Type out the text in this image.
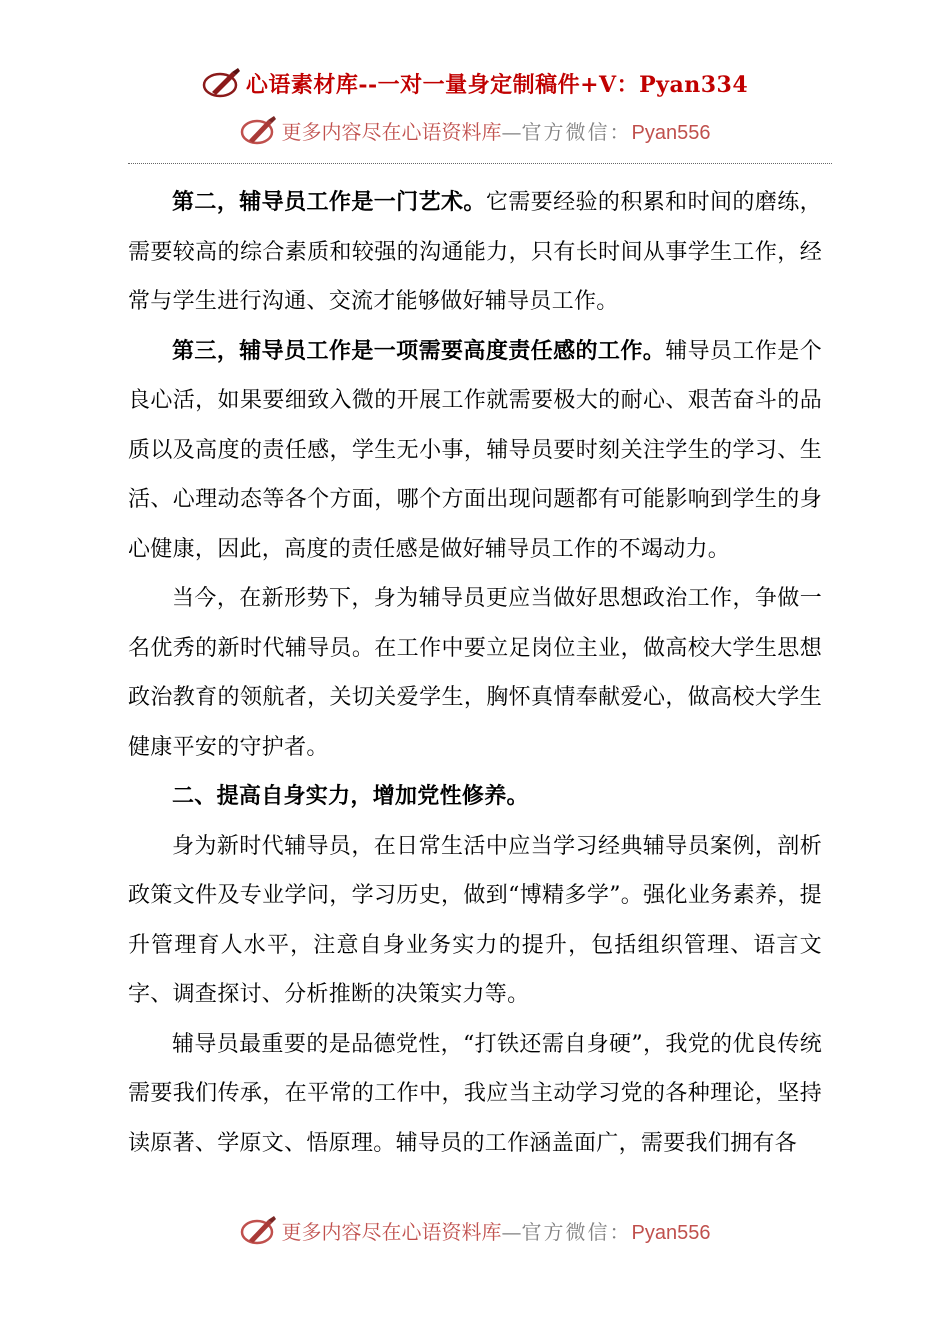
心语素材库--一对一量身定制稿件+V：Pyan334
更多内容尽在心语资料库—官方微信：Pyan556

第二，辅导员工作是一门艺术。它需要经验的积累和时间的磨练，需要较高的综合素质和较强的沟通能力，只有长时间从事学生工作，经常与学生进行沟通、交流才能够做好辅导员工作。

第三，辅导员工作是一项需要高度责任感的工作。辅导员工作是个良心活，如果要细致入微的开展工作就需要极大的耐心、艰苦奋斗的品质以及高度的责任感，学生无小事，辅导员要时刻关注学生的学习、生活、心理动态等各个方面，哪个方面出现问题都有可能影响到学生的身心健康，因此，高度的责任感是做好辅导员工作的不竭动力。

当今，在新形势下，身为辅导员更应当做好思想政治工作，争做一名优秀的新时代辅导员。在工作中要立足岗位主业，做高校大学生思想政治教育的领航者，关切关爱学生，胸怀真情奉献爱心，做高校大学生健康平安的守护者。

二、提高自身实力，增加党性修养。

身为新时代辅导员，在日常生活中应当学习经典辅导员案例，剖析政策文件及专业学问，学习历史，做到“博精多学”。强化业务素养，提升管理育人水平，注意自身业务实力的提升，包括组织管理、语言文字、调查探讨、分析推断的决策实力等。

辅导员最重要的是品德党性，“打铁还需自身硬”，我党的优良传统需要我们传承，在平常的工作中，我应当主动学习党的各种理论，坚持读原著、学原文、悟原理。辅导员的工作涵盖面广，需要我们拥有各

更多内容尽在心语资料库—官方微信：Pyan556
